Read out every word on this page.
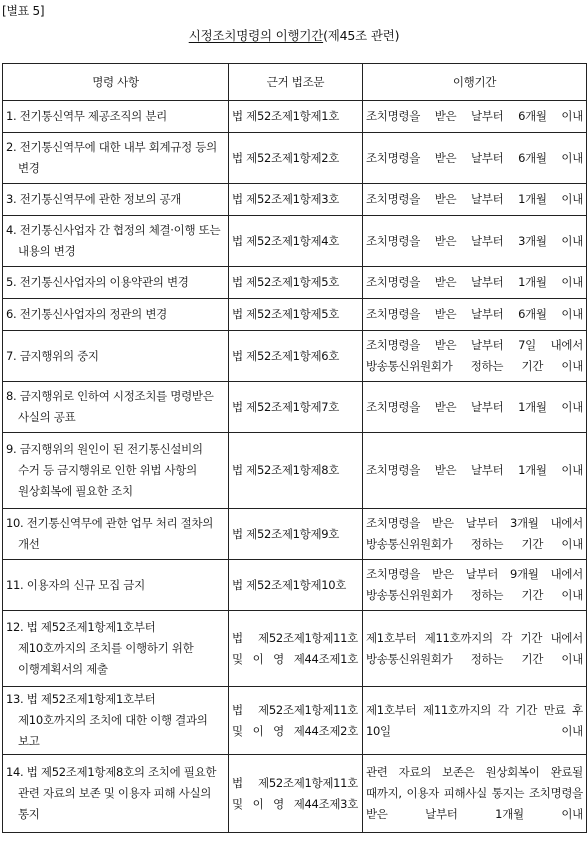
[별표 5]
시정조치명령의 이행기간(제45조 관련)
명령 사항	근거 법조문	이행기간

1. 전기통신역무 제공조직의 분리	법 제52조제1항제1호	조치명령을 받은 날부터 6개월 이내

2. 전기통신역무에 대한 내부 회계규정 등의 변경	법 제52조제1항제2호	조치명령을 받은 날부터 6개월 이내

3. 전기통신역무에 관한 정보의 공개	법 제52조제1항제3호	조치명령을 받은 날부터 1개월 이내

4. 전기통신사업자 간 협정의 체결·이행 또는 내용의 변경	법 제52조제1항제4호	조치명령을 받은 날부터 3개월 이내

5. 전기통신사업자의 이용약관의 변경	법 제52조제1항제5호	조치명령을 받은 날부터 1개월 이내

6. 전기통신사업자의 정관의 변경	법 제52조제1항제5호	조치명령을 받은 날부터 6개월 이내

7. 금지행위의 중지	법 제52조제1항제6호	조치명령을 받은 날부터 7일 내에서 방송통신위원회가 정하는 기간 이내

8. 금지행위로 인하여 시정조치를 명령받은 사실의 공표	법 제52조제1항제7호	조치명령을 받은 날부터 1개월 이내

9. 금지행위의 원인이 된 전기통신설비의 수거 등 금지행위로 인한 위법 사항의 원상회복에 필요한 조치	법 제52조제1항제8호	조치명령을 받은 날부터 1개월 이내

10. 전기통신역무에 관한 업무 처리 절차의 개선	법 제52조제1항제9호	조치명령을 받은 날부터 3개월 내에서 방송통신위원회가 정하는 기간 이내

11. 이용자의 신규 모집 금지	법 제52조제1항제10호	조치명령을 받은 날부터 9개월 내에서 방송통신위원회가 정하는 기간 이내

12. 법 제52조제1항제1호부터 제10호까지의 조치를 이행하기 위한 이행계획서의 제출	법 제52조제1항제11호 및 이 영 제44조제1호	제1호부터 제11호까지의 각 기간 내에서 방송통신위원회가 정하는 기간 이내

13. 법 제52조제1항제1호부터 제10호까지의 조치에 대한 이행 결과의 보고	법 제52조제1항제11호 및 이 영 제44조제2호	제1호부터 제11호까지의 각 기간 만료 후 10일 이내

14. 법 제52조제1항제8호의 조치에 필요한 관련 자료의 보존 및 이용자 피해 사실의 통지	법 제52조제1항제11호 및 이 영 제44조제3호	관련 자료의 보존은 원상회복이 완료될 때까지, 이용자 피해사실 통지는 조치명령을 받은 날부터 1개월 이내
